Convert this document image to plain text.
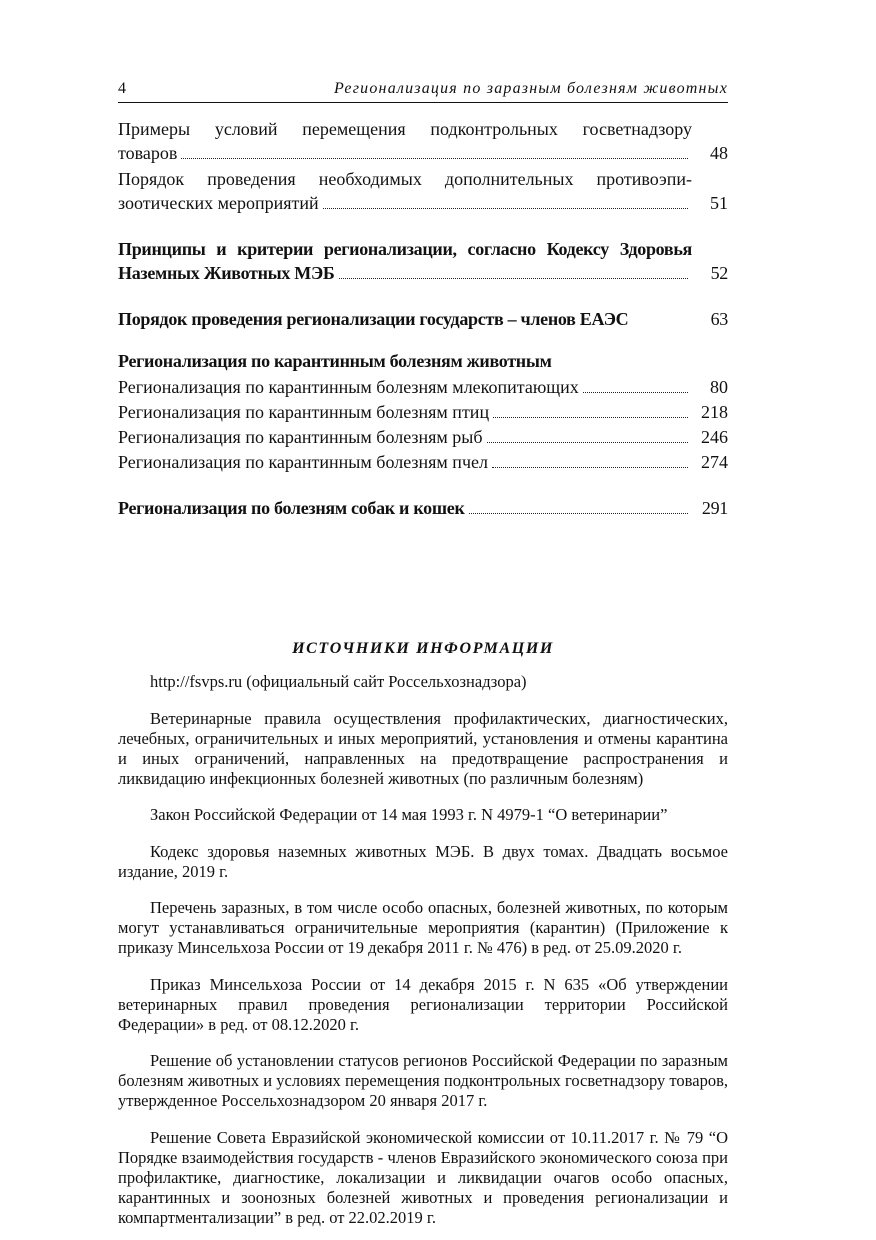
4	Регионализация по заразным болезням животных
Примеры условий перемещения подконтрольных госветнадзору
товаров	48
Порядок проведения необходимых дополнительных противоэпи-
зоотических мероприятий	51
Принципы и критерии регионализации, согласно Кодексу Здоровья
Наземных Животных МЭБ	52
Порядок проведения регионализации государств – членов ЕАЭС	63
Регионализация по карантинным болезням животным
Регионализация по карантинным болезням млекопитающих	80
Регионализация по карантинным болезням птиц	218
Регионализация по карантинным болезням рыб	246
Регионализация по карантинным болезням пчел	274
Регионализация по болезням собак и кошек	291
ИСТОЧНИКИ ИНФОРМАЦИИ

http://fsvps.ru (официальный сайт Россельхознадзора)

Ветеринарные правила осуществления профилактических, диагностических, лечебных, ограничительных и иных мероприятий, установления и отмены карантина и иных ограничений, направленных на предотвращение распространения и ликвидацию инфекционных болезней животных (по различным болезням)

Закон Российской Федерации от 14 мая 1993 г. N 4979-1 “О ветеринарии”

Кодекс здоровья наземных животных МЭБ. В двух томах. Двадцать восьмое издание, 2019 г.

Перечень заразных, в том числе особо опасных, болезней животных, по которым могут устанавливаться ограничительные мероприятия (карантин) (Приложение к приказу Минсельхоза России от 19 декабря 2011 г. № 476) в ред. от 25.09.2020 г.

Приказ Минсельхоза России от 14 декабря 2015 г. N 635 «Об утверждении ветеринарных правил проведения регионализации территории Российской Федерации» в ред. от 08.12.2020 г.

Решение об установлении статусов регионов Российской Федерации по заразным болезням животных и условиях перемещения подконтрольных госветнадзору товаров, утвержденное Россельхознадзором 20 января 2017 г.

Решение Совета Евразийской экономической комиссии от 10.11.2017 г. № 79 “О Порядке взаимодействия государств - членов Евразийского экономического союза при профилактике, диагностике, локализации и ликвидации очагов особо опасных, карантинных и зоонозных болезней животных и проведения регионализации и компартментализации” в ред. от 22.02.2019 г.
